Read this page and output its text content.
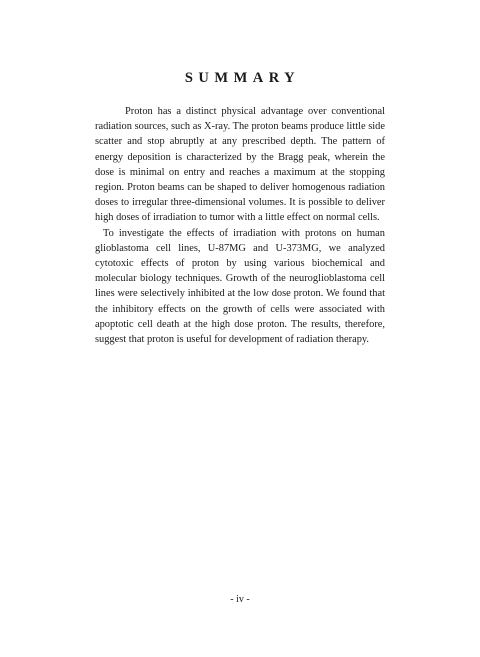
SUMMARY

Proton has a distinct physical advantage over conventional radiation sources, such as X-ray. The proton beams produce little side scatter and stop abruptly at any prescribed depth. The pattern of energy deposition is characterized by the Bragg peak, wherein the dose is minimal on entry and reaches a maximum at the stopping region. Proton beams can be shaped to deliver homogenous radiation doses to irregular three-dimensional volumes. It is possible to deliver high doses of irradiation to tumor with a little effect on normal cells.

To investigate the effects of irradiation with protons on human glioblastoma cell lines, U-87MG and U-373MG, we analyzed cytotoxic effects of proton by using various biochemical and molecular biology techniques. Growth of the neuroglioblastoma cell lines were selectively inhibited at the low dose proton. We found that the inhibitory effects on the growth of cells were associated with apoptotic cell death at the high dose proton. The results, therefore, suggest that proton is useful for development of radiation therapy.

- iv -
